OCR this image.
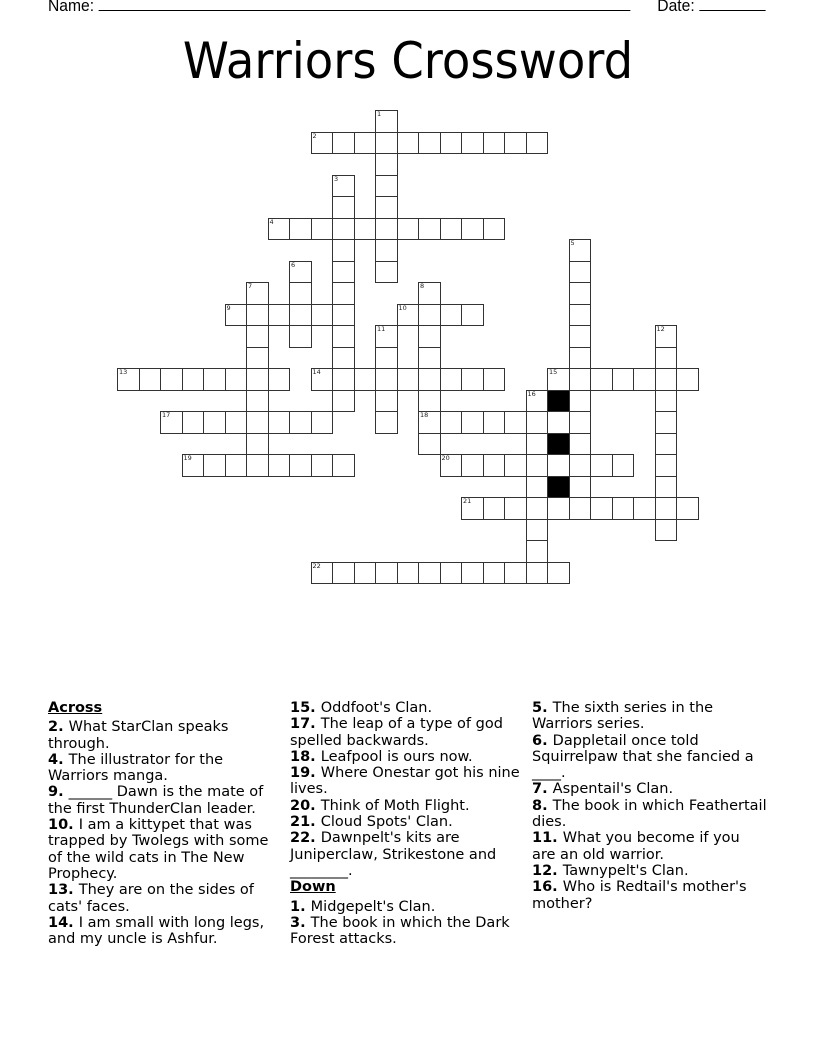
Name:	Date:
Warriors Crossword
1
2
3
4
5
6
7	8
18
9	10
11	12
13	14	15
16
17
19	20
21
22
Across
2. What StarClan speaks through.
4. The illustrator for the Warriors manga.
9. ______ Dawn is the mate of the first ThunderClan leader.
10. I am a kittypet that was trapped by Twolegs with some of the wild cats in The New Prophecy.
13. They are on the sides of cats' faces.
14. I am small with long legs, and my uncle is Ashfur.
15. Oddfoot's Clan.
17. The leap of a type of god spelled backwards.
18. Leafpool is ours now.
19. Where Onestar got his nine lives.
20. Think of Moth Flight.
21. Cloud Spots' Clan.
22. Dawnpelt's kits are Juniperclaw, Strikestone and ________.
Down
1. Midgepelt's Clan.
3. The book in which the Dark Forest attacks.
5. The sixth series in the Warriors series.
6. Dappletail once told Squirrelpaw that she fancied a ____.
7. Aspentail's Clan.
8. The book in which Feathertail dies.
11. What you become if you are an old warrior.
12. Tawnypelt's Clan.
16. Who is Redtail's mother's mother?
